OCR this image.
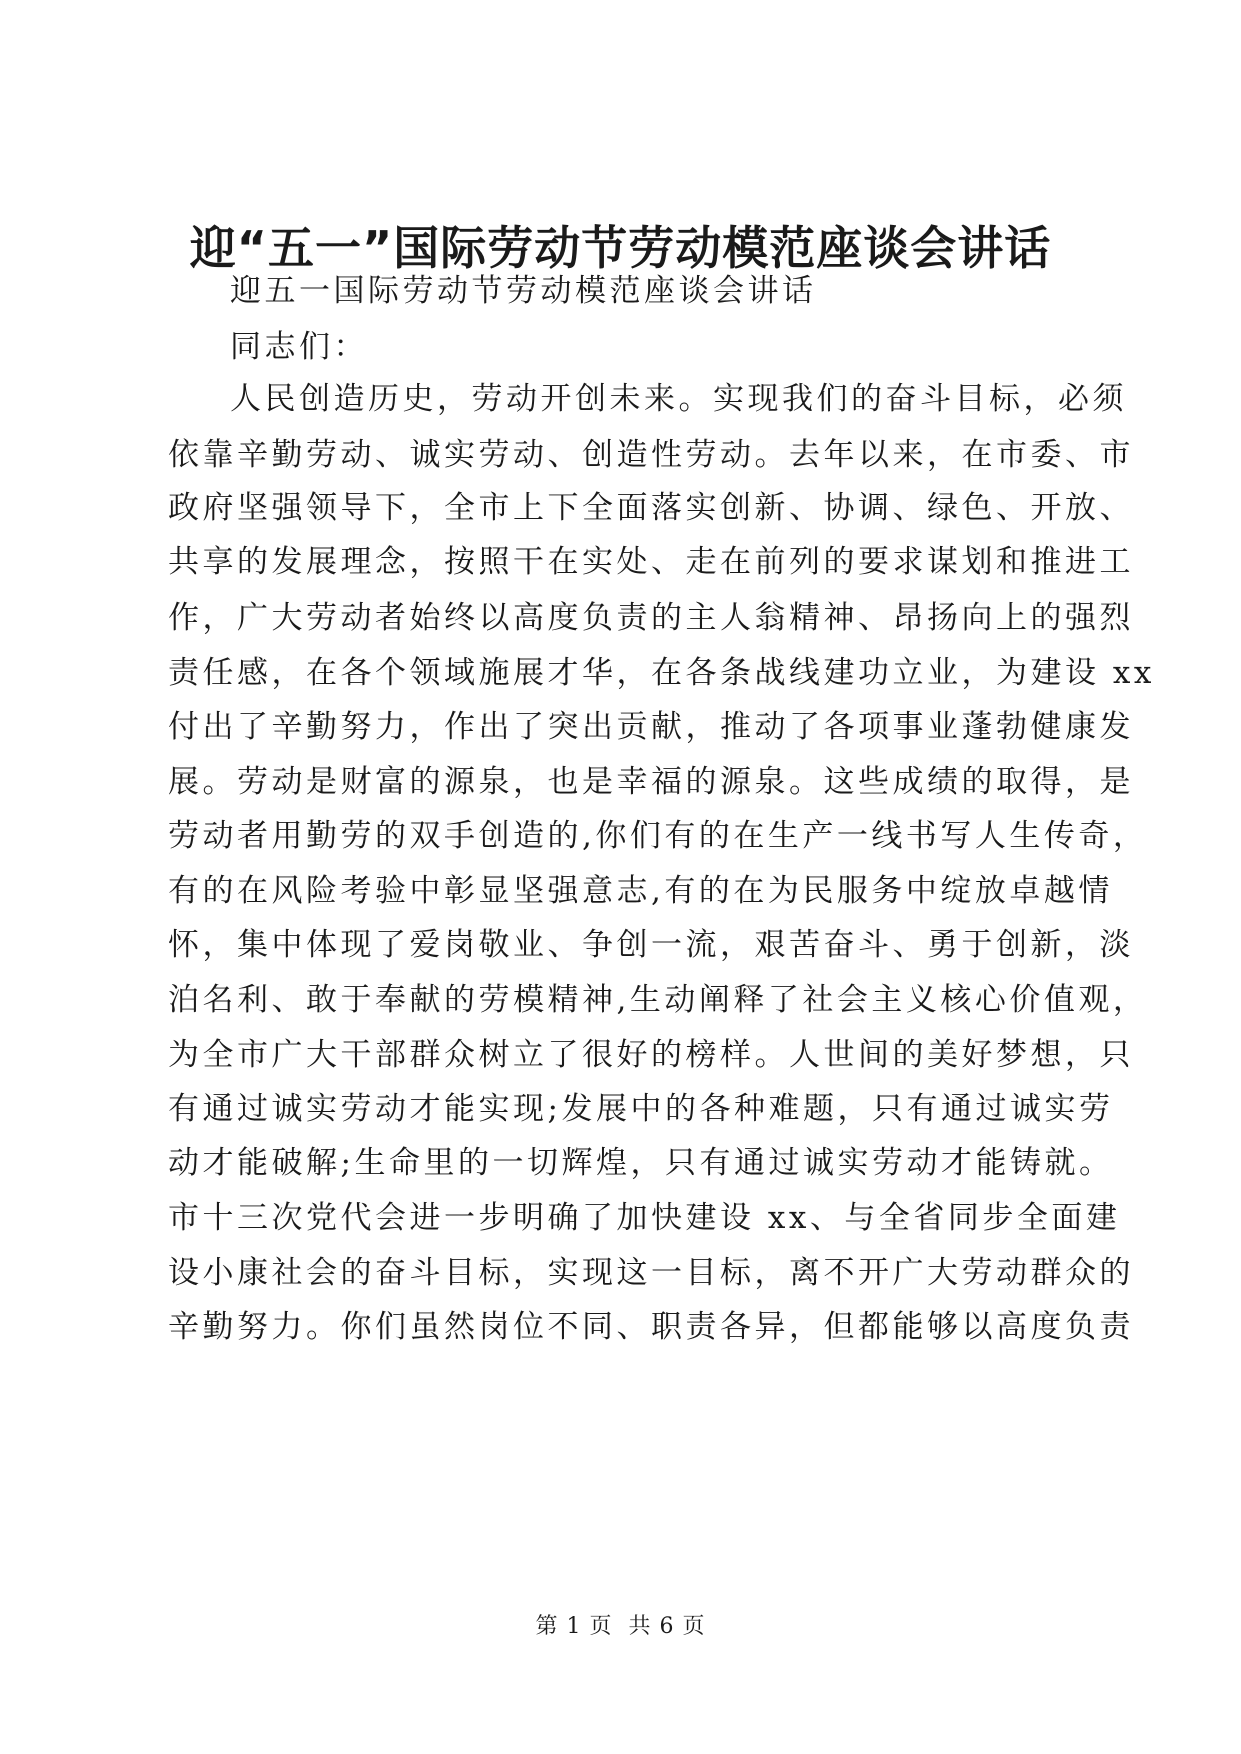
迎“五一”国际劳动节劳动模范座谈会讲话
迎五一国际劳动节劳动模范座谈会讲话
同志们：
人民创造历史，劳动开创未来。实现我们的奋斗目标，必须
依靠辛勤劳动、诚实劳动、创造性劳动。去年以来，在市委、市
政府坚强领导下，全市上下全面落实创新、协调、绿色、开放、
共享的发展理念，按照干在实处、走在前列的要求谋划和推进工
作，广大劳动者始终以高度负责的主人翁精神、昂扬向上的强烈
责任感，在各个领域施展才华，在各条战线建功立业，为建设 xx
付出了辛勤努力，作出了突出贡献，推动了各项事业蓬勃健康发
展。劳动是财富的源泉，也是幸福的源泉。这些成绩的取得，是
劳动者用勤劳的双手创造的,你们有的在生产一线书写人生传奇，
有的在风险考验中彰显坚强意志,有的在为民服务中绽放卓越情
怀，集中体现了爱岗敬业、争创一流，艰苦奋斗、勇于创新，淡
泊名利、敢于奉献的劳模精神,生动阐释了社会主义核心价值观，
为全市广大干部群众树立了很好的榜样。人世间的美好梦想，只
有通过诚实劳动才能实现;发展中的各种难题，只有通过诚实劳
动才能破解;生命里的一切辉煌，只有通过诚实劳动才能铸就。
市十三次党代会进一步明确了加快建设 xx、与全省同步全面建
设小康社会的奋斗目标，实现这一目标，离不开广大劳动群众的
辛勤努力。你们虽然岗位不同、职责各异，但都能够以高度负责
第 1 页 共 6 页
